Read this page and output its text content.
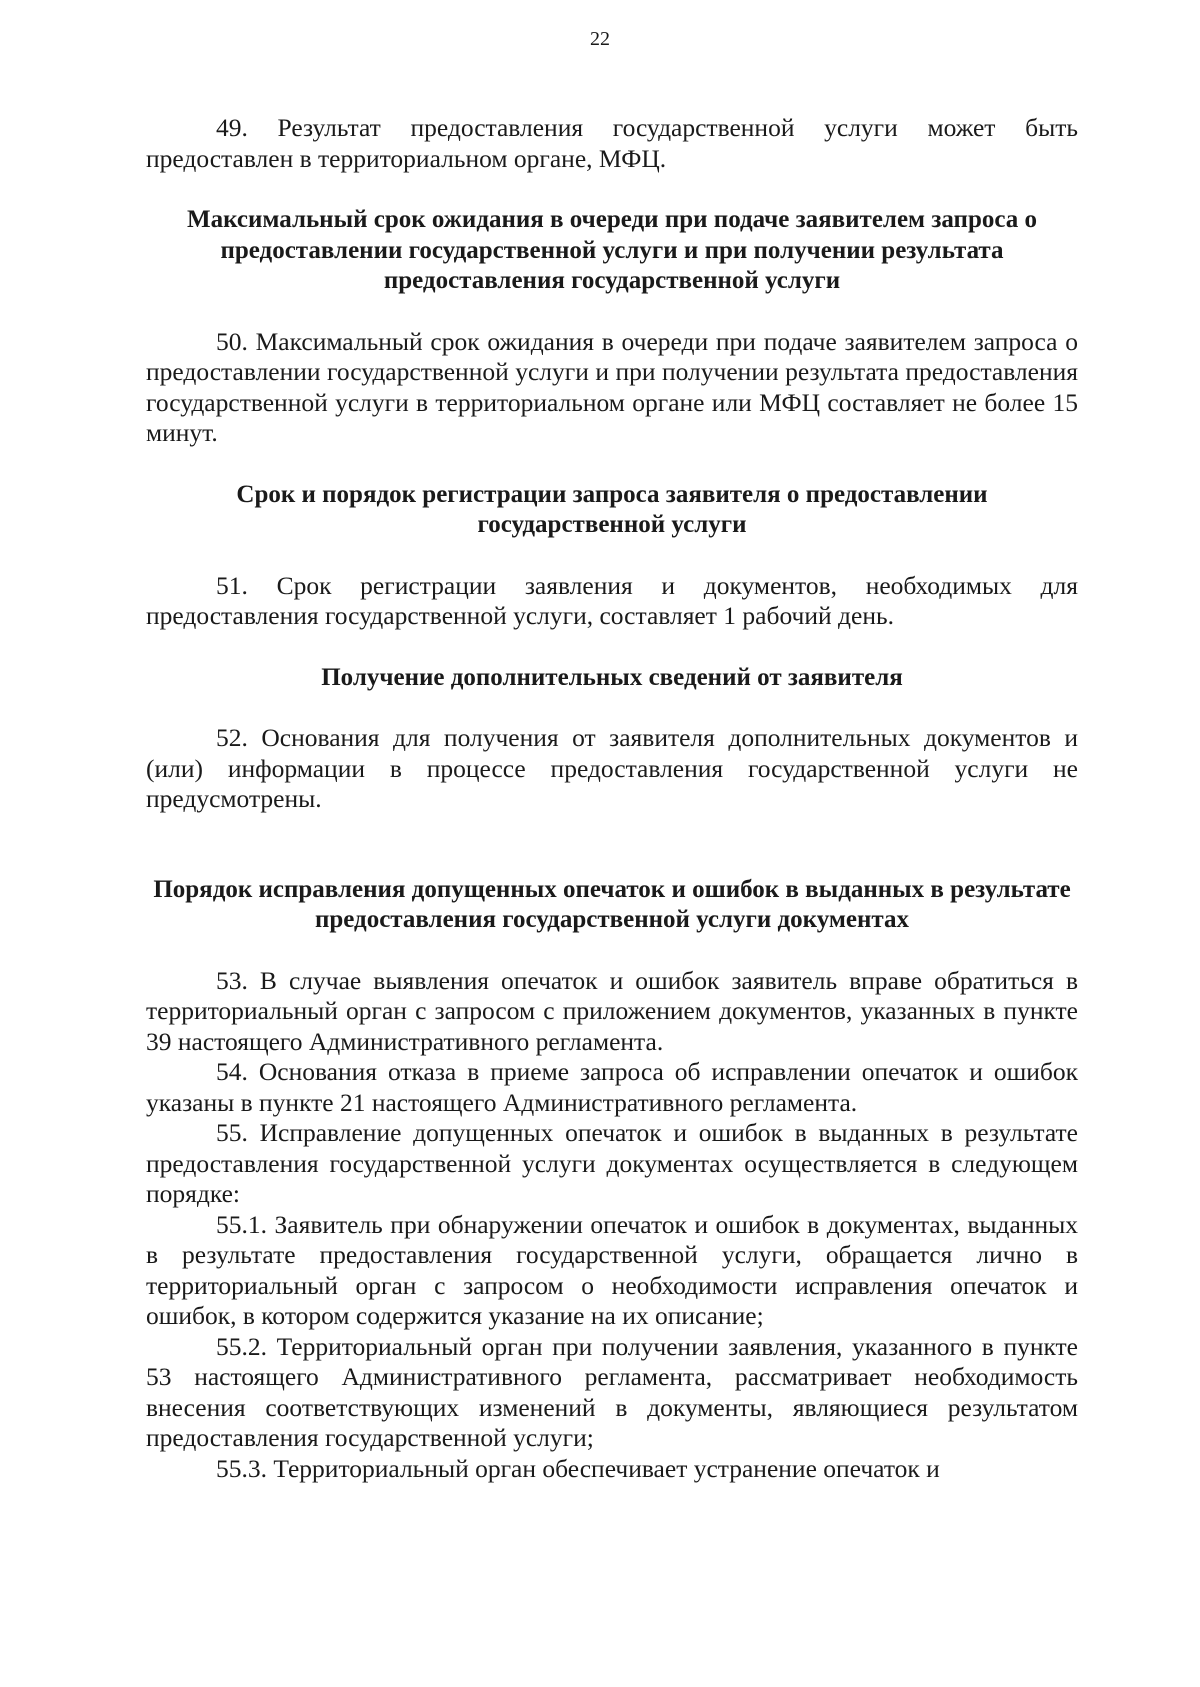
22

49. Результат предоставления государственной услуги может быть предоставлен в территориальном органе, МФЦ.

Максимальный срок ожидания в очереди при подаче заявителем запроса о предоставлении государственной услуги и при получении результата предоставления государственной услуги

50. Максимальный срок ожидания в очереди при подаче заявителем запроса о предоставлении государственной услуги и при получении результата предоставления государственной услуги в территориальном органе или МФЦ составляет не более 15 минут.

Срок и порядок регистрации запроса заявителя о предоставлении государственной услуги

51. Срок регистрации заявления и документов, необходимых для предоставления государственной услуги, составляет 1 рабочий день.

Получение дополнительных сведений от заявителя

52. Основания для получения от заявителя дополнительных документов и (или) информации в процессе предоставления государственной услуги не предусмотрены.

Порядок исправления допущенных опечаток и ошибок в выданных в результате предоставления государственной услуги документах

53. В случае выявления опечаток и ошибок заявитель вправе обратиться в территориальный орган с запросом с приложением документов, указанных в пункте 39 настоящего Административного регламента.

54. Основания отказа в приеме запроса об исправлении опечаток и ошибок указаны в пункте 21 настоящего Административного регламента.

55. Исправление допущенных опечаток и ошибок в выданных в результате предоставления государственной услуги документах осуществляется в следующем порядке:

55.1. Заявитель при обнаружении опечаток и ошибок в документах, выданных в результате предоставления государственной услуги, обращается лично в территориальный орган с запросом о необходимости исправления опечаток и ошибок, в котором содержится указание на их описание;

55.2. Территориальный орган при получении заявления, указанного в пункте 53 настоящего Административного регламента, рассматривает необходимость внесения соответствующих изменений в документы, являющиеся результатом предоставления государственной услуги;

55.3. Территориальный орган обеспечивает устранение опечаток и
